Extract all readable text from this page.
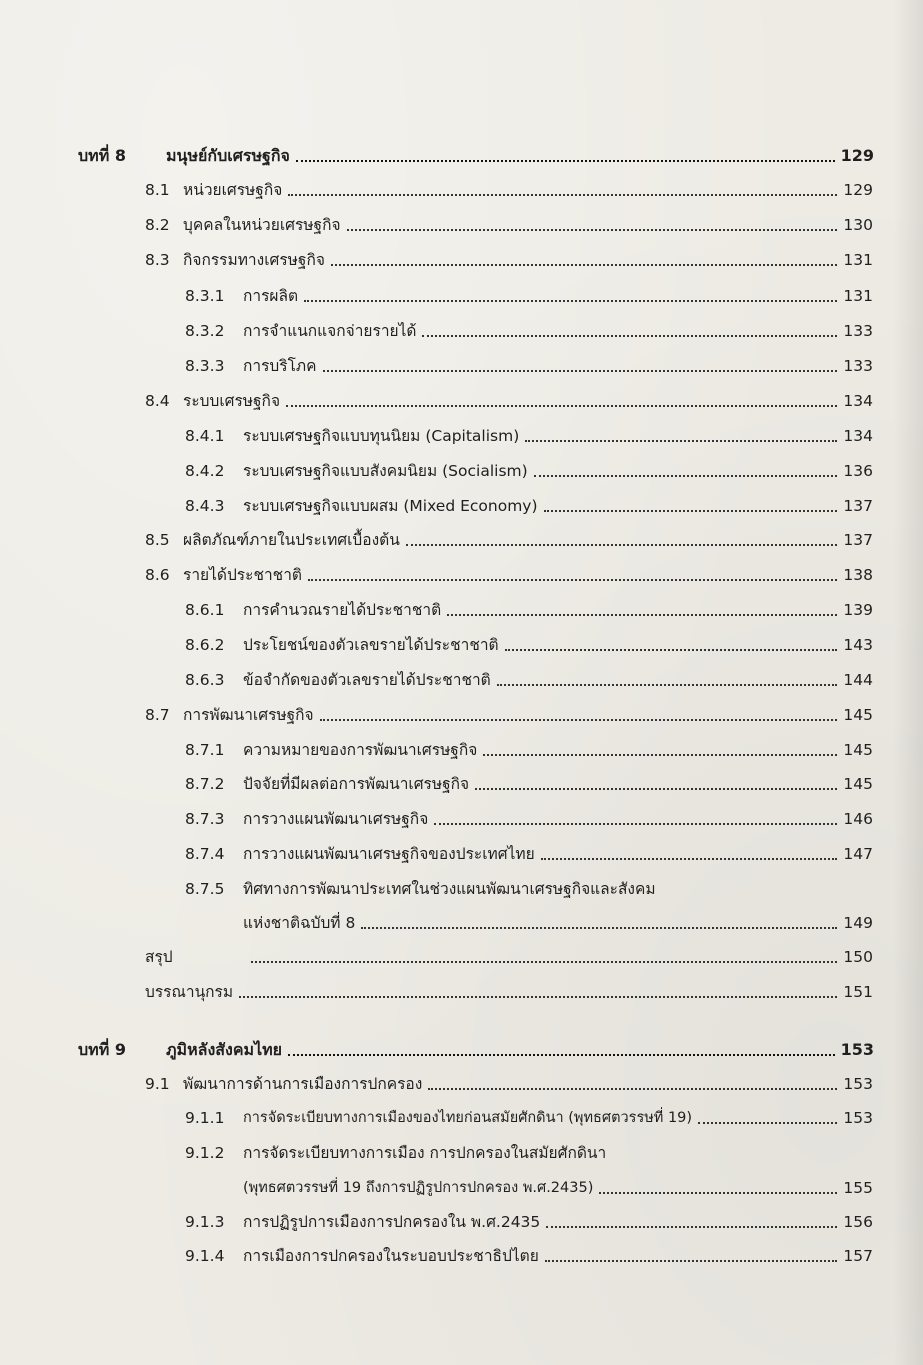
บทที่ 8	มนุษย์กับเศรษฐกิจ	129
8.1 หน่วยเศรษฐกิจ	129
8.2 บุคคลในหน่วยเศรษฐกิจ	130
8.3 กิจกรรมทางเศรษฐกิจ	131
8.3.1	การผลิต	131
8.3.2	การจำแนกแจกจ่ายรายได้	133
8.3.3	การบริโภค	133
8.4 ระบบเศรษฐกิจ	134
8.4.1	ระบบเศรษฐกิจแบบทุนนิยม (Capitalism)	134
8.4.2	ระบบเศรษฐกิจแบบสังคมนิยม (Socialism)	136
8.4.3	ระบบเศรษฐกิจแบบผสม (Mixed Economy)	137
8.5 ผลิตภัณฑ์ภายในประเทศเบื้องต้น	137
8.6 รายได้ประชาชาติ	138
8.6.1	การคำนวณรายได้ประชาชาติ	139
8.6.2	ประโยชน์ของตัวเลขรายได้ประชาชาติ	143
8.6.3	ข้อจำกัดของตัวเลขรายได้ประชาชาติ	144
8.7 การพัฒนาเศรษฐกิจ	145
8.7.1	ความหมายของการพัฒนาเศรษฐกิจ	145
8.7.2	ปัจจัยที่มีผลต่อการพัฒนาเศรษฐกิจ	145
8.7.3	การวางแผนพัฒนาเศรษฐกิจ	146
8.7.4	การวางแผนพัฒนาเศรษฐกิจของประเทศไทย	147
8.7.5 ทิศทางการพัฒนาประเทศในช่วงแผนพัฒนาเศรษฐกิจและสังคม
แห่งชาติฉบับที่ 8	149
สรุป	150
บรรณานุกรม	151
บทที่ 9	ภูมิหลังสังคมไทย	153
9.1 พัฒนาการด้านการเมืองการปกครอง	153
9.1.1	การจัดระเบียบทางการเมืองของไทยก่อนสมัยศักดินา (พุทธศตวรรษที่ 19)	153
9.1.2 การจัดระเบียบทางการเมือง การปกครองในสมัยศักดินา
(พุทธศตวรรษที่ 19 ถึงการปฏิรูปการปกครอง พ.ศ.2435)	155
9.1.3	การปฏิรูปการเมืองการปกครองใน พ.ศ.2435	156
9.1.4	การเมืองการปกครองในระบอบประชาธิปไตย	157
